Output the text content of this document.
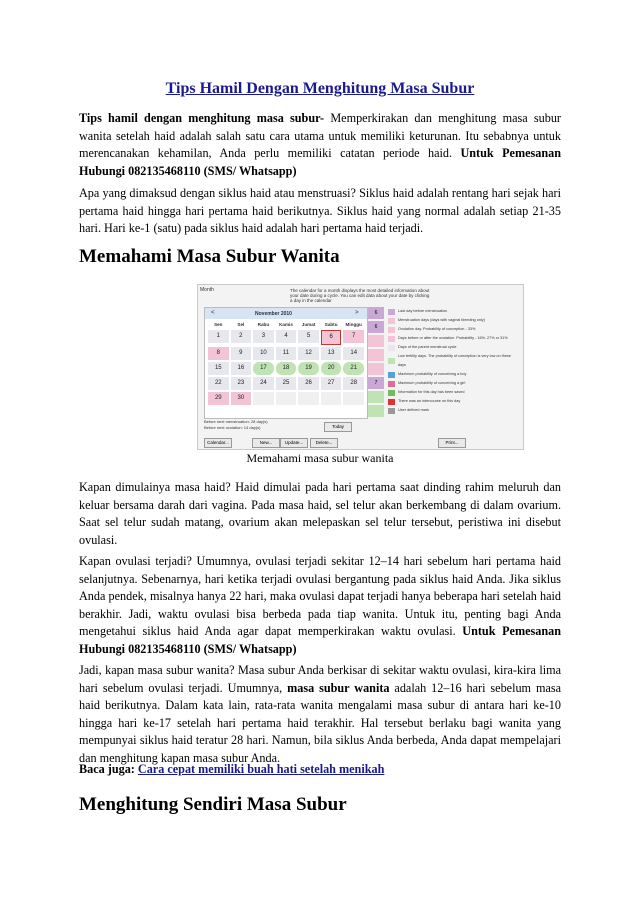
Tips Hamil Dengan Menghitung Masa Subur
Tips hamil dengan menghitung masa subur- Memperkirakan dan menghitung masa subur wanita setelah haid adalah salah satu cara utama untuk memiliki keturunan. Itu sebabnya untuk merencanakan kehamilan, Anda perlu memiliki catatan periode haid. Untuk Pemesanan Hubungi 082135468110 (SMS/ Whatsapp)
Apa yang dimaksud dengan siklus haid atau menstruasi? Siklus haid adalah rentang hari sejak hari pertama haid hingga hari pertama haid berikutnya. Siklus haid yang normal adalah setiap 21-35 hari. Hari ke-1 (satu) pada siklus haid adalah hari pertama haid terjadi.
Memahami Masa Subur Wanita
Month	The calendar for a month displays the most detailed information about your date during a cycle. You can edit data about your date by clicking a day in the calendar
<	November 2010	>
Sen	Sel	Rabu	Kamis	Jumat	Sabtu	Minggu
1	2	3	4	5	6	7
8	9	10	11	12	13	14
15	16	17	18	19	20	21
22	23	24	25	26	27	28
29	30
6
6
7
Last day before menstruation
Menstruation days (days with vaginal bleeding only)
Ovulation day. Probability of conception - 33%
Days before or after the ovulation. Probability - 16%, 27% or 31%
Days of the parent menstrual cycle
Low fertility days. The probability of conception is very low on these days
Maximum probability of conceiving a boy
Maximum probability of conceiving a girl
Information for this day has been saved
There was an intercourse on this day
User defined mark
Before next menstruation: 28 day(s)
Before next ovulation: 14 day(s)	Today
Calendar...	New...	Update...	Delete...	Print...
Memahami masa subur wanita
Kapan dimulainya masa haid? Haid dimulai pada hari pertama saat dinding rahim meluruh dan keluar bersama darah dari vagina. Pada masa haid, sel telur akan berkembang di dalam ovarium. Saat sel telur sudah matang, ovarium akan melepaskan sel telur tersebut, peristiwa ini disebut ovulasi.
Kapan ovulasi terjadi? Umumnya, ovulasi terjadi sekitar 12–14 hari sebelum hari pertama haid selanjutnya. Sebenarnya, hari ketika terjadi ovulasi bergantung pada siklus haid Anda. Jika siklus Anda pendek, misalnya hanya 22 hari, maka ovulasi dapat terjadi hanya beberapa hari setelah haid berakhir. Jadi, waktu ovulasi bisa berbeda pada tiap wanita. Untuk itu, penting bagi Anda mengetahui siklus haid Anda agar dapat memperkirakan waktu ovulasi. Untuk Pemesanan Hubungi 082135468110 (SMS/ Whatsapp)
Jadi, kapan masa subur wanita? Masa subur Anda berkisar di sekitar waktu ovulasi, kira-kira lima hari sebelum ovulasi terjadi. Umumnya, masa subur wanita adalah 12–16 hari sebelum masa haid berikutnya. Dalam kata lain, rata-rata wanita mengalami masa subur di antara hari ke-10 hingga hari ke-17 setelah hari pertama haid terakhir. Hal tersebut berlaku bagi wanita yang mempunyai siklus haid teratur 28 hari. Namun, bila siklus Anda berbeda, Anda dapat mempelajari dan menghitung kapan masa subur Anda.
Baca juga: Cara cepat memiliki buah hati setelah menikah
Menghitung Sendiri Masa Subur
